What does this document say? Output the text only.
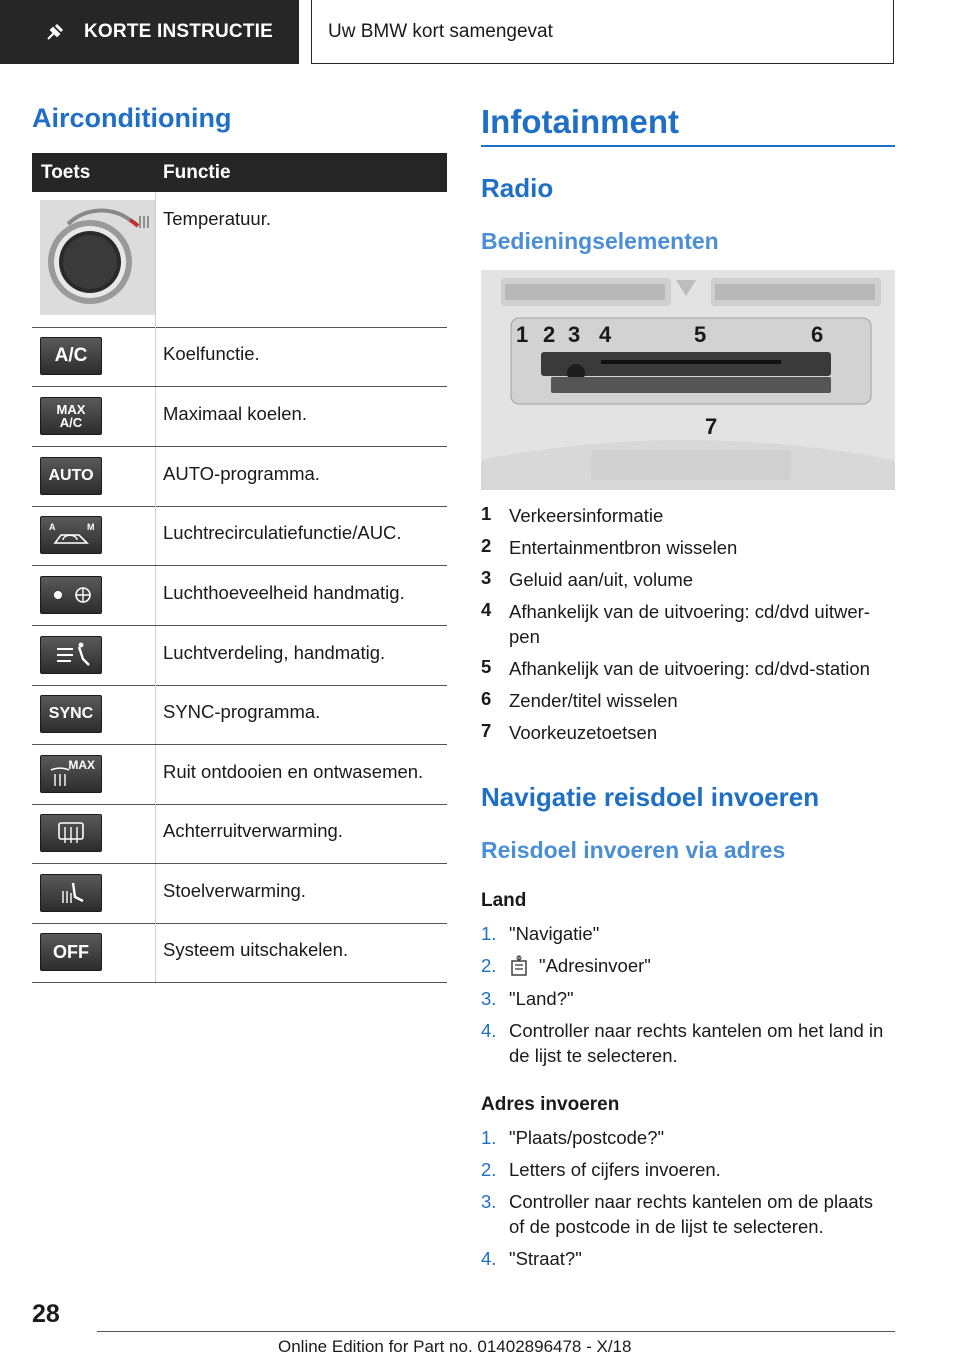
KORTE INSTRUCTIE	Uw BMW kort samengevat
Airconditioning
Toets	Functie
Temperatuur.
A/C	Koelfunctie.
MAX
A/C	Maximaal koelen.
AUTO	AUTO-programma.
A	M	Luchtrecirculatiefunctie/AUC.
Luchthoeveelheid handmatig.
Luchtverdeling, handmatig.
SYNC	SYNC-programma.
MAX	Ruit ontdooien en ontwasemen.
Achterruitverwarming.
Stoelverwarming.
OFF	Systeem uitschakelen.
Infotainment
Radio
Bedieningselementen
1 2 3 4	5	6
7
1 Verkeersinformatie
2 Entertainmentbron wisselen
3 Geluid aan/uit, volume
4 Afhankelijk van de uitvoering: cd/dvd uitwer-
pen
5 Afhankelijk van de uitvoering: cd/dvd-station
6 Zender/titel wisselen
7 Voorkeuzetoetsen
Navigatie reisdoel invoeren
Reisdoel invoeren via adres
Land
1. "Navigatie"
2. "Adresinvoer"
3. "Land?"
4. Controller naar rechts kantelen om het land in
de lijst te selecteren.
Adres invoeren
1. "Plaats/postcode?"
2. Letters of cijfers invoeren.
3. Controller naar rechts kantelen om de plaats
of de postcode in de lijst te selecteren.
4. "Straat?"
28
Online Edition for Part no. 01402896478 - X/18
